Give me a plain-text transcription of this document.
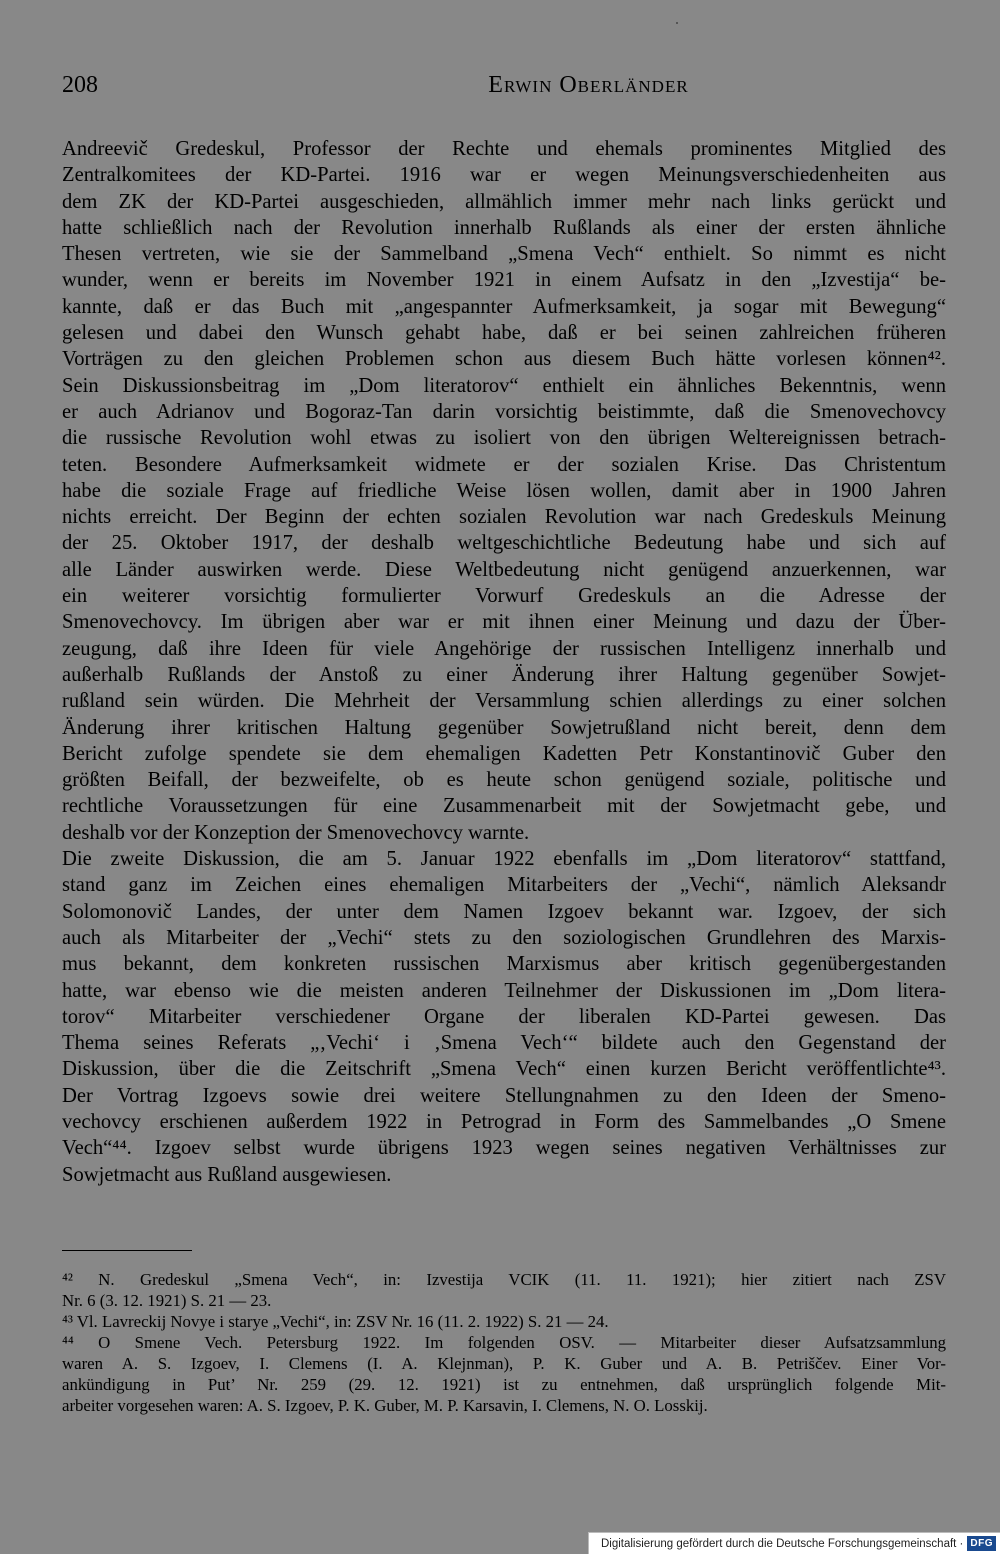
208	Erwin Oberländer
Andreevič Gredeskul, Professor der Rechte und ehemals prominentes Mitglied des
Zentralkomitees der KD-Partei. 1916 war er wegen Meinungsverschiedenheiten aus
dem ZK der KD-Partei ausgeschieden, allmählich immer mehr nach links gerückt und
hatte schließlich nach der Revolution innerhalb Rußlands als einer der ersten ähnliche
Thesen vertreten, wie sie der Sammelband „Smena Vech“ enthielt. So nimmt es nicht
wunder, wenn er bereits im November 1921 in einem Aufsatz in den „Izvestija“ be-
kannte, daß er das Buch mit „angespannter Aufmerksamkeit, ja sogar mit Bewegung“
gelesen und dabei den Wunsch gehabt habe, daß er bei seinen zahlreichen früheren
Vorträgen zu den gleichen Problemen schon aus diesem Buch hätte vorlesen können⁴².
Sein Diskussionsbeitrag im „Dom literatorov“ enthielt ein ähnliches Bekenntnis, wenn
er auch Adrianov und Bogoraz-Tan darin vorsichtig beistimmte, daß die Smenovechovcy
die russische Revolution wohl etwas zu isoliert von den übrigen Weltereignissen betrach-
teten. Besondere Aufmerksamkeit widmete er der sozialen Krise. Das Christentum
habe die soziale Frage auf friedliche Weise lösen wollen, damit aber in 1900 Jahren
nichts erreicht. Der Beginn der echten sozialen Revolution war nach Gredeskuls Meinung
der 25. Oktober 1917, der deshalb weltgeschichtliche Bedeutung habe und sich auf
alle Länder auswirken werde. Diese Weltbedeutung nicht genügend anzuerkennen, war
ein weiterer vorsichtig formulierter Vorwurf Gredeskuls an die Adresse der
Smenovechovcy. Im übrigen aber war er mit ihnen einer Meinung und dazu der Über-
zeugung, daß ihre Ideen für viele Angehörige der russischen Intelligenz innerhalb und
außerhalb Rußlands der Anstoß zu einer Änderung ihrer Haltung gegenüber Sowjet-
rußland sein würden. Die Mehrheit der Versammlung schien allerdings zu einer solchen
Änderung ihrer kritischen Haltung gegenüber Sowjetrußland nicht bereit, denn dem
Bericht zufolge spendete sie dem ehemaligen Kadetten Petr Konstantinovič Guber den
größten Beifall, der bezweifelte, ob es heute schon genügend soziale, politische und
rechtliche Voraussetzungen für eine Zusammenarbeit mit der Sowjetmacht gebe, und
deshalb vor der Konzeption der Smenovechovcy warnte.
Die zweite Diskussion, die am 5. Januar 1922 ebenfalls im „Dom literatorov“ stattfand,
stand ganz im Zeichen eines ehemaligen Mitarbeiters der „Vechi“, nämlich Aleksandr
Solomonovič Landes, der unter dem Namen Izgoev bekannt war. Izgoev, der sich
auch als Mitarbeiter der „Vechi“ stets zu den soziologischen Grundlehren des Marxis-
mus bekannt, dem konkreten russischen Marxismus aber kritisch gegenübergestanden
hatte, war ebenso wie die meisten anderen Teilnehmer der Diskussionen im „Dom litera-
torov“ Mitarbeiter verschiedener Organe der liberalen KD-Partei gewesen. Das
Thema seines Referats „‚Vechi‘ i ‚Smena Vech‘“ bildete auch den Gegenstand der
Diskussion, über die die Zeitschrift „Smena Vech“ einen kurzen Bericht veröffentlichte⁴³.
Der Vortrag Izgoevs sowie drei weitere Stellungnahmen zu den Ideen der Smeno-
vechovcy erschienen außerdem 1922 in Petrograd in Form des Sammelbandes „O Smene
Vech“⁴⁴. Izgoev selbst wurde übrigens 1923 wegen seines negativen Verhältnisses zur
Sowjetmacht aus Rußland ausgewiesen.
⁴² N. Gredeskul „Smena Vech“, in: Izvestija VCIK (11. 11. 1921); hier zitiert nach ZSV
Nr. 6 (3. 12. 1921) S. 21 — 23.
⁴³ Vl. Lavreckij Novye i starye „Vechi“, in: ZSV Nr. 16 (11. 2. 1922) S. 21 — 24.
⁴⁴ O Smene Vech. Petersburg 1922. Im folgenden OSV. — Mitarbeiter dieser Aufsatzsammlung
waren A. S. Izgoev, I. Clemens (I. A. Klejnman), P. K. Guber und A. B. Petriščev. Einer Vor-
ankündigung in Put’ Nr. 259 (29. 12. 1921) ist zu entnehmen, daß ursprünglich folgende Mit-
arbeiter vorgesehen waren: A. S. Izgoev, P. K. Guber, M. P. Karsavin, I. Clemens, N. O. Losskij.
Digitalisierung gefördert durch die Deutsche Forschungsgemeinschaft · DFG
